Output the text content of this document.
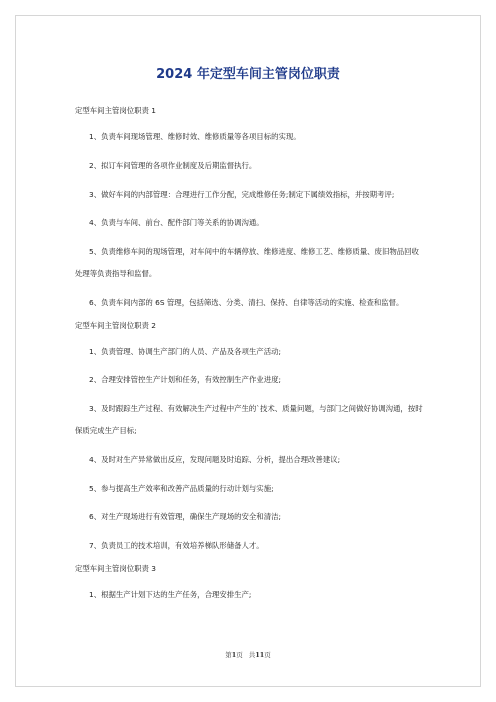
2024 年定型车间主管岗位职责
定型车间主管岗位职责 1

1、负责车间现场管理、维修时效、维修质量等各项目标的实现。

2、拟订车间管理的各项作业制度及后期监督执行。

3、做好车间的内部管理：合理进行工作分配，完成维修任务;制定下属绩效指标，并按期考评;

4、负责与车间、前台、配件部门等关系的协调沟通。

5、负责维修车间的现场管理，对车间中的车辆停放、维修进度、维修工艺、维修质量、废旧物品回收处理等负责指导和监督。

6、负责车间内部的 6S 管理，包括筛选、分类、清扫、保持、自律等活动的实施、检查和监督。

定型车间主管岗位职责 2

1、负责管理、协调生产部门的人员、产品及各项生产活动;

2、合理安排管控生产计划和任务，有效控制生产作业进度;

3、及时跟踪生产过程、有效解决生产过程中产生的`技术、质量问题，与部门之间做好协调沟通，按时保质完成生产目标;

4、及时对生产异常做出反应，发现问题及时追踪、分析，提出合理改善建议;

5、参与提高生产效率和改善产品质量的行动计划与实施;

6、对生产现场进行有效管理，确保生产现场的安全和清洁;

7、负责员工的技术培训，有效培养梯队形储备人才。

定型车间主管岗位职责 3

1、根据生产计划下达的生产任务，合理安排生产;

第1页 共11页
